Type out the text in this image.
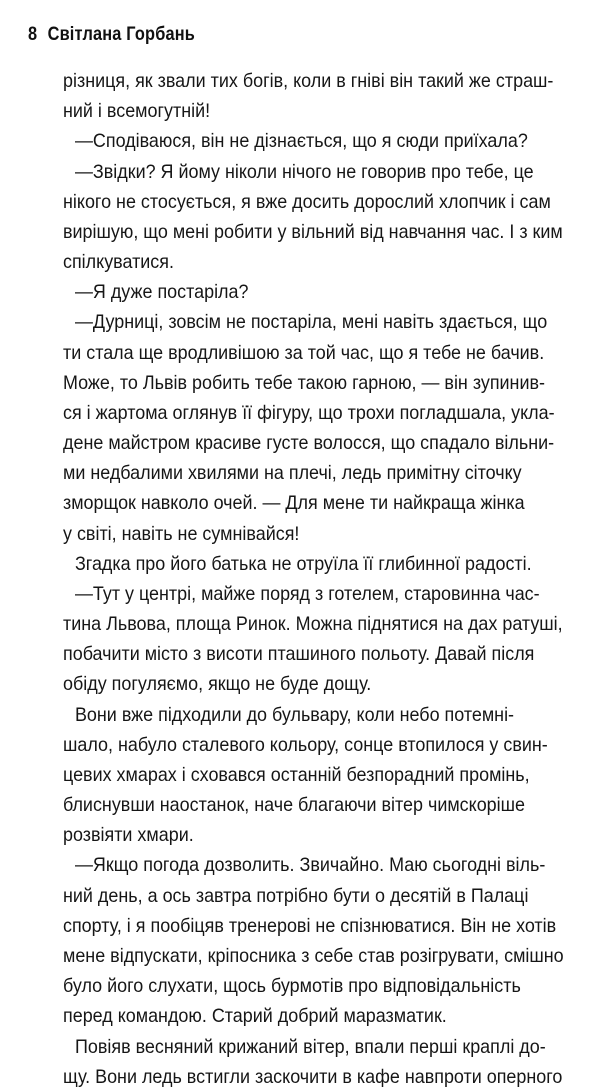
8 Світлана Горбань
різниця, як звали тих богів, коли в гніві він такий же страш-
ний і всемогутній!
—Сподіваюся, він не дізнається, що я сюди приїхала?
—Звідки? Я йому ніколи нічого не говорив про тебе, це
нікого не стосується, я вже досить дорослий хлопчик і сам
вирішую, що мені робити у вільний від навчання час. І з ким
спілкуватися.
—Я дуже постаріла?
—Дурниці, зовсім не постаріла, мені навіть здається, що
ти стала ще вродливішою за той час, що я тебе не бачив.
Може, то Львів робить тебе такою гарною, — він зупинив-
ся і жартома оглянув її фігуру, що трохи погладшала, укла-
дене майстром красиве густе волосся, що спадало вільни-
ми недбалими хвилями на плечі, ледь примітну сіточку
зморщок навколо очей. — Для мене ти найкраща жінка
у світі, навіть не сумнівайся!
Згадка про його батька не отруїла її глибинної радості.
—Тут у центрі, майже поряд з готелем, старовинна час-
тина Львова, площа Ринок. Можна піднятися на дах ратуші,
побачити місто з висоти пташиного польоту. Давай після
обіду погуляємо, якщо не буде дощу.
Вони вже підходили до бульвару, коли небо потемні-
шало, набуло сталевого кольору, сонце втопилося у свин-
цевих хмарах і сховався останній безпорадний промінь,
блиснувши наостанок, наче благаючи вітер чимскоріше
розвіяти хмари.
—Якщо погода дозволить. Звичайно. Маю сьогодні віль-
ний день, а ось завтра потрібно бути о десятій в Палаці
спорту, і я пообіцяв тренерові не спізнюватися. Він не хотів
мене відпускати, кріпосника з себе став розігрувати, смішно
було його слухати, щось бурмотів про відповідальність
перед командою. Старий добрий маразматик.
Повіяв весняний крижаний вітер, впали перші краплі до-
щу. Вони ледь встигли заскочити в кафе навпроти оперного
